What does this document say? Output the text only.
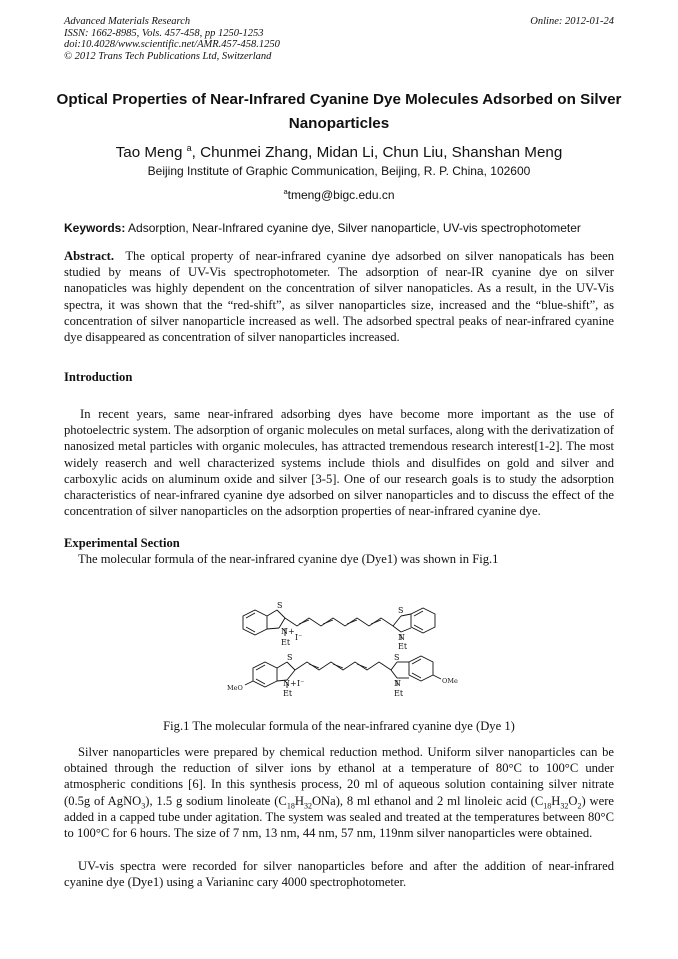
Advanced Materials Research
ISSN: 1662-8985, Vols. 457-458, pp 1250-1253
doi:10.4028/www.scientific.net/AMR.457-458.1250
© 2012 Trans Tech Publications Ltd, Switzerland
Online: 2012-01-24
Optical Properties of Near-Infrared Cyanine Dye Molecules Adsorbed on Silver Nanoparticles
Tao Meng $^a$, Chunmei Zhang, Midan Li, Chun Liu, Shanshan Meng
Beijing Institute of Graphic Communication, Beijing, R. P. China, 102600
$^a$tmeng@bigc.edu.cn
Keywords: Adsorption, Near-Infrared cyanine dye, Silver nanoparticle, UV-vis spectrophotometer
Abstract. The optical property of near-infrared cyanine dye adsorbed on silver nanopaticals has been studied by means of UV-Vis spectrophotometer. The adsorption of near-IR cyanine dye on silver nanopaticles was highly dependent on the concentration of silver nanopaticles. As a result, in the UV-Vis spectra, it was shown that the “red-shift”, as silver nanoparticles size, increased and the “blue-shift”, as concentration of silver nanoparticle increased as well. The adsorbed spectral peaks of near-infrared cyanine dye disappeared as concentration of silver nanoparticles increased.
Introduction
In recent years, same near-infrared adsorbing dyes have become more important as the use of photoelectric system. The adsorption of organic molecules on metal surfaces, along with the derivatization of nanosized metal particles with organic molecules, has attracted tremendous research interest[1-2]. The most widely reaserch and well characterized systems include thiols and disulfides on gold and silver and carboxylic acids on aluminum oxide and silver [3-5]. One of our research goals is to study the adsorption characteristics of near-infrared cyanine dye adsorbed on silver nanoparticles and to discuss the effect of the concentration of silver nanoparticles on the adsorption properties of near-infrared cyanine dye.
Experimental Section
The molecular formula of the near-infrared cyanine dye (Dye1) was shown in Fig.1
S
N+
I⁻
Et
S
N
Et
S
N+ I⁻
Et
MeO
S
N
Et
OMe
Fig.1 The molecular formula of the near-infrared cyanine dye (Dye 1)
Silver nanoparticles were prepared by chemical reduction method. Uniform silver nanoparticles can be obtained through the reduction of silver ions by ethanol at a temperature of 80°C to 100°C under atmospheric conditions [6]. In this synthesis process, 20 ml of aqueous solution containing silver nitrate (0.5g of AgNO$_3$), 1.5 g sodium linoleate $(C_{18}H_{32}ONa)$, 8 ml ethanol and 2 ml linoleic acid $(C_{18}H_{32}O_2)$ were added in a capped tube under agitation. The system was sealed and treated at the temperatures between 80°C to 100°C for 6 hours. The size of 7 nm, 13 nm, 44 nm, 57 nm, 119nm silver nanoparticles were obtained.
UV-vis spectra were recorded for silver nanoparticles before and after the addition of near-infrared cyanine dye (Dye1) using a Varianinc cary 4000 spectrophotometer.
